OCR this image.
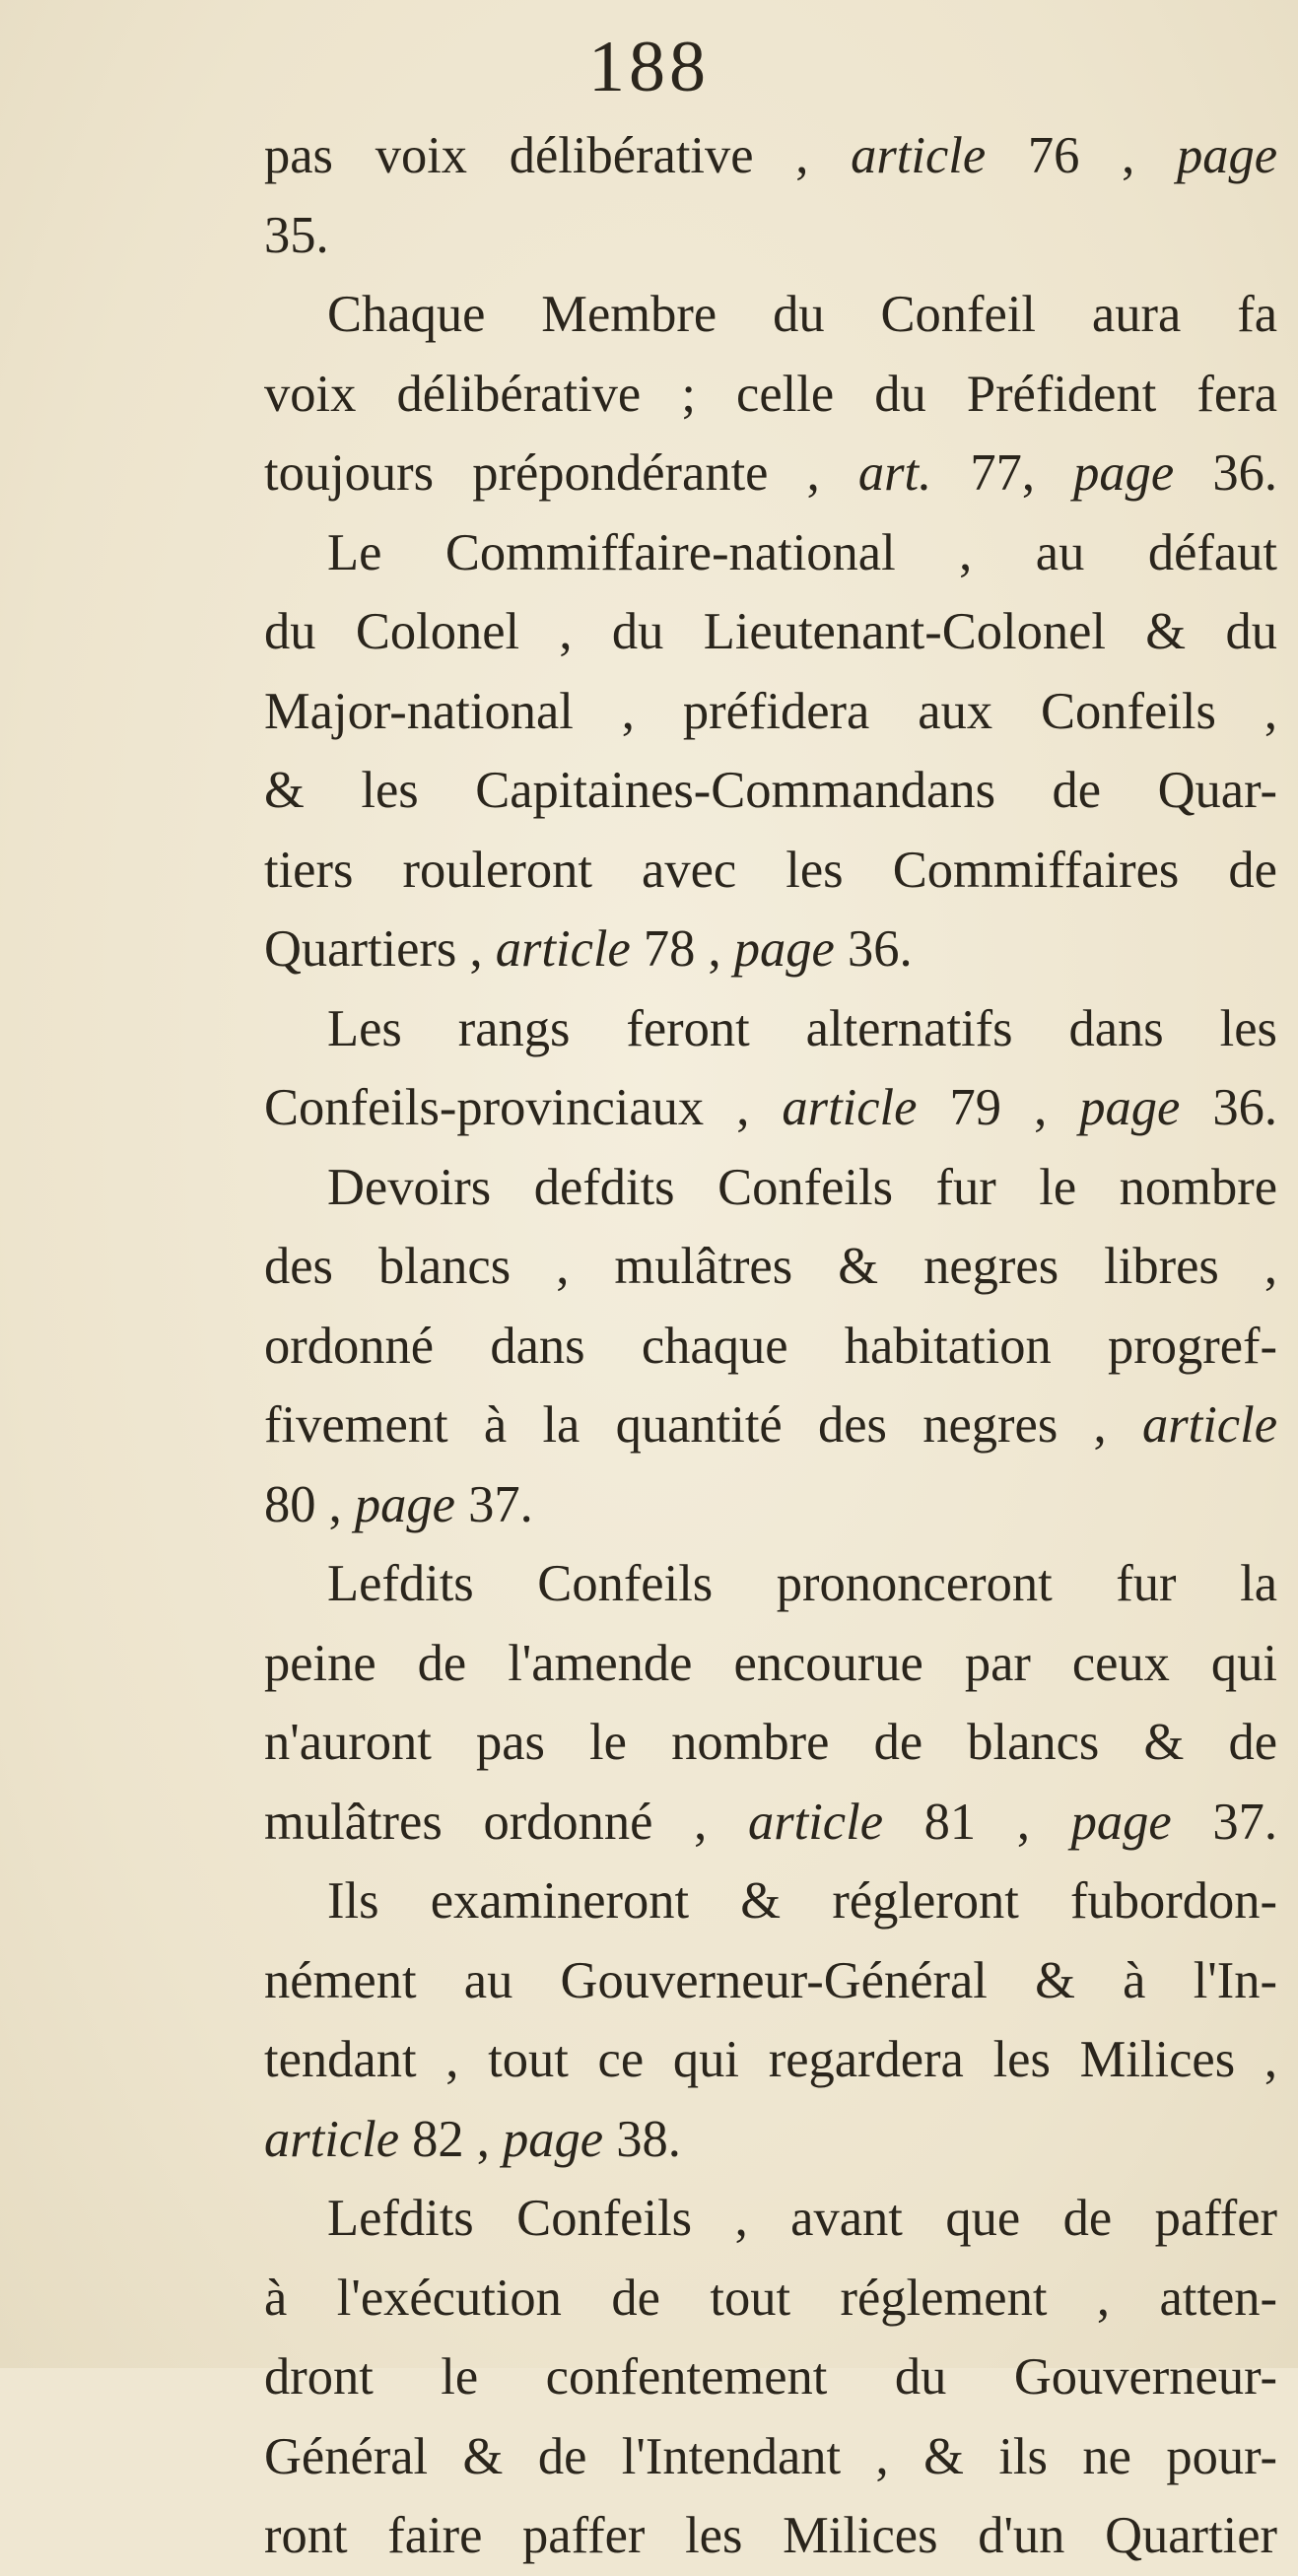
188
pas voix délibérative , article 76 , page
35.
Chaque Membre du Confeil aura fa
voix délibérative ; celle du Préfident fera
toujours prépondérante , art. 77, page 36.
Le Commiffaire-national , au défaut
du Colonel , du Lieutenant-Colonel & du
Major-national , préfidera aux Confeils ,
& les Capitaines-Commandans de Quar-
tiers rouleront avec les Commiffaires de
Quartiers , article 78 , page 36.
Les rangs feront alternatifs dans les
Confeils-provinciaux , article 79 , page 36.
Devoirs defdits Confeils fur le nombre
des blancs , mulâtres & negres libres ,
ordonné dans chaque habitation progref-
fivement à la quantité des negres , article
80 , page 37.
Lefdits Confeils prononceront fur la
peine de l'amende encourue par ceux qui
n'auront pas le nombre de blancs & de
mulâtres ordonné , article 81 , page 37.
Ils examineront & régleront fubordon-
nément au Gouverneur-Général & à l'In-
tendant , tout ce qui regardera les Milices ,
article 82 , page 38.
Lefdits Confeils , avant que de paffer
à l'exécution de tout réglement , atten-
dront le confentement du Gouverneur-
Général & de l'Intendant , & ils ne pour-
ront faire paffer les Milices d'un Quartier
